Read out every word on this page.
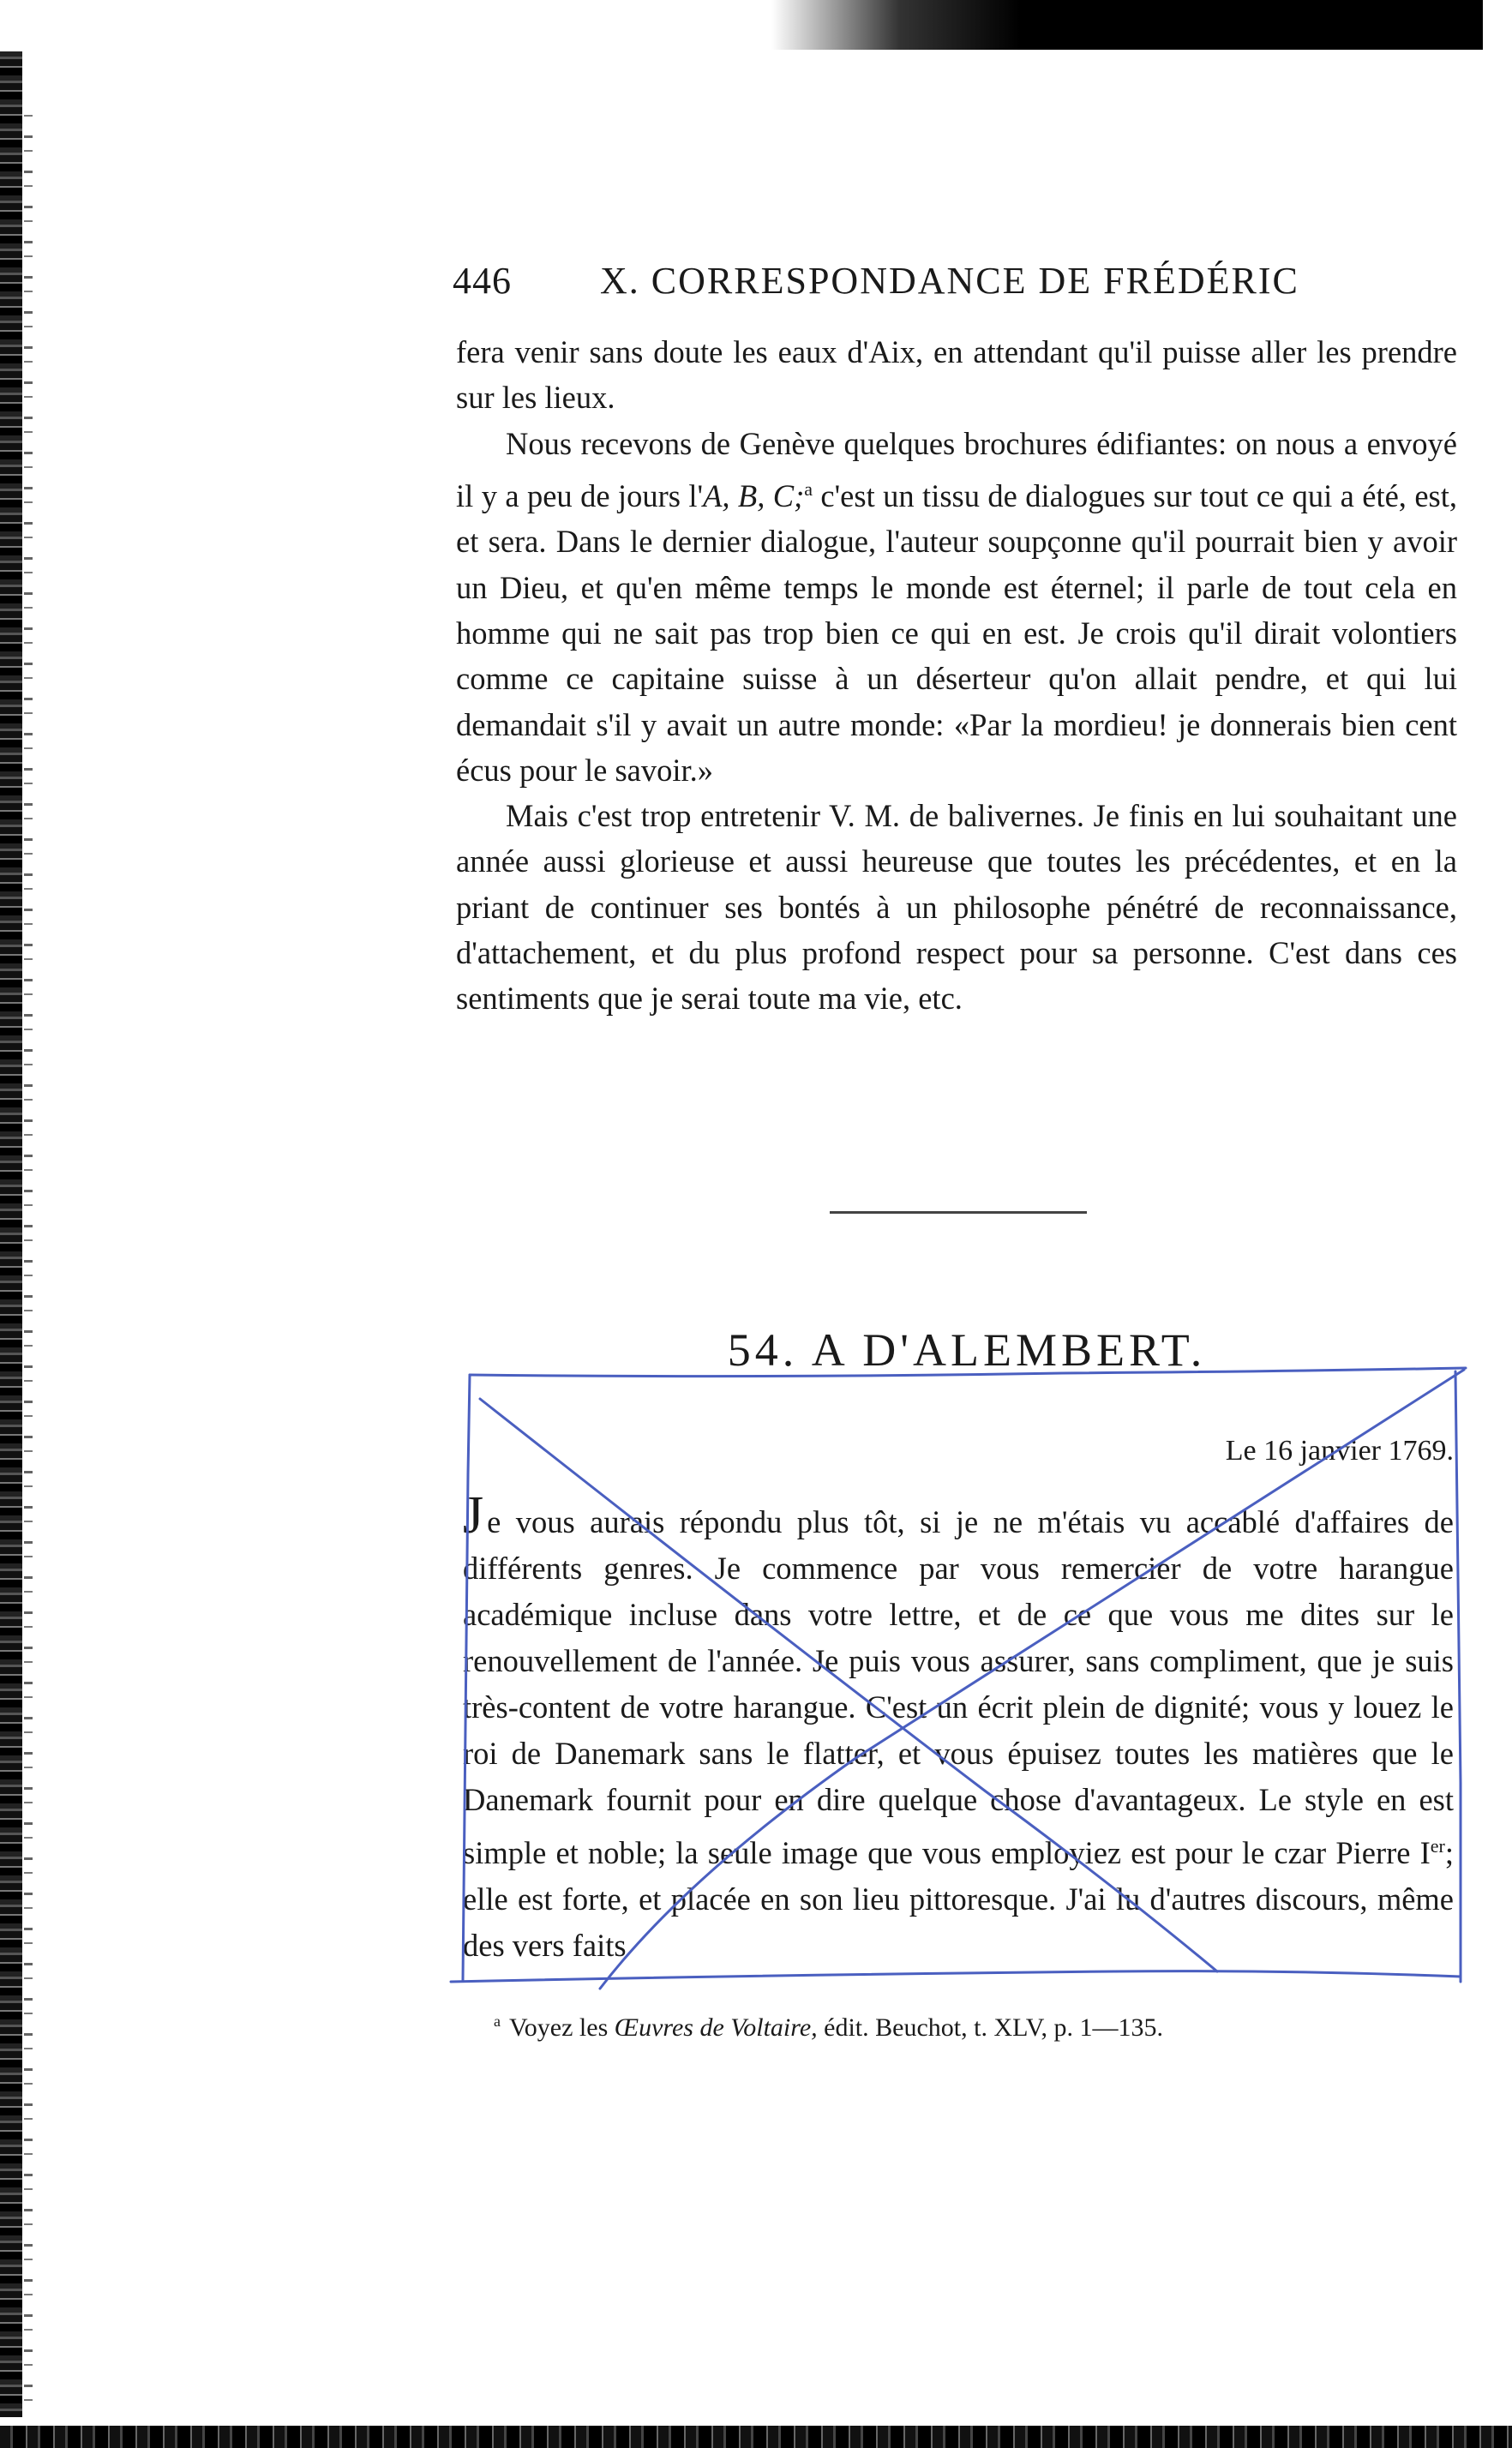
446 X. CORRESPONDANCE DE FRÉDÉRIC

fera venir sans doute les eaux d'Aix, en attendant qu'il puisse aller les prendre sur les lieux.

Nous recevons de Genève quelques brochures édifiantes: on nous a envoyé il y a peu de jours l'A, B, C;$^a$ c'est un tissu de dialogues sur tout ce qui a été, est, et sera. Dans le dernier dialogue, l'auteur soupçonne qu'il pourrait bien y avoir un Dieu, et qu'en même temps le monde est éternel; il parle de tout cela en homme qui ne sait pas trop bien ce qui en est. Je crois qu'il dirait volontiers comme ce capitaine suisse à un déserteur qu'on allait pendre, et qui lui demandait s'il y avait un autre monde: «Par la mordieu! je donnerais bien cent écus pour le savoir.»

Mais c'est trop entretenir V. M. de balivernes. Je finis en lui souhaitant une année aussi glorieuse et aussi heureuse que toutes les précédentes, et en la priant de continuer ses bontés à un philosophe pénétré de reconnaissance, d'attachement, et du plus profond respect pour sa personne. C'est dans ces sentiments que je serai toute ma vie, etc.

54. A D'ALEMBERT.
Le 16 janvier 1769.

Je vous aurais répondu plus tôt, si je ne m'étais vu accablé d'affaires de différents genres. Je commence par vous remercier de votre harangue académique incluse dans votre lettre, et de ce que vous me dites sur le renouvellement de l'année. Je puis vous assurer, sans compliment, que je suis très-content de votre harangue. C'est un écrit plein de dignité; vous y louez le roi de Danemark sans le flatter, et vous épuisez toutes les matières que le Danemark fournit pour en dire quelque chose d'avantageux. Le style en est simple et noble; la seule image que vous employiez est pour le czar Pierre Ier; elle est forte, et placée en son lieu pittoresque. J'ai lu d'autres discours, même des vers faits

$^a$ Voyez les Œuvres de Voltaire, édit. Beuchot, t. XLV, p. 1—135.
